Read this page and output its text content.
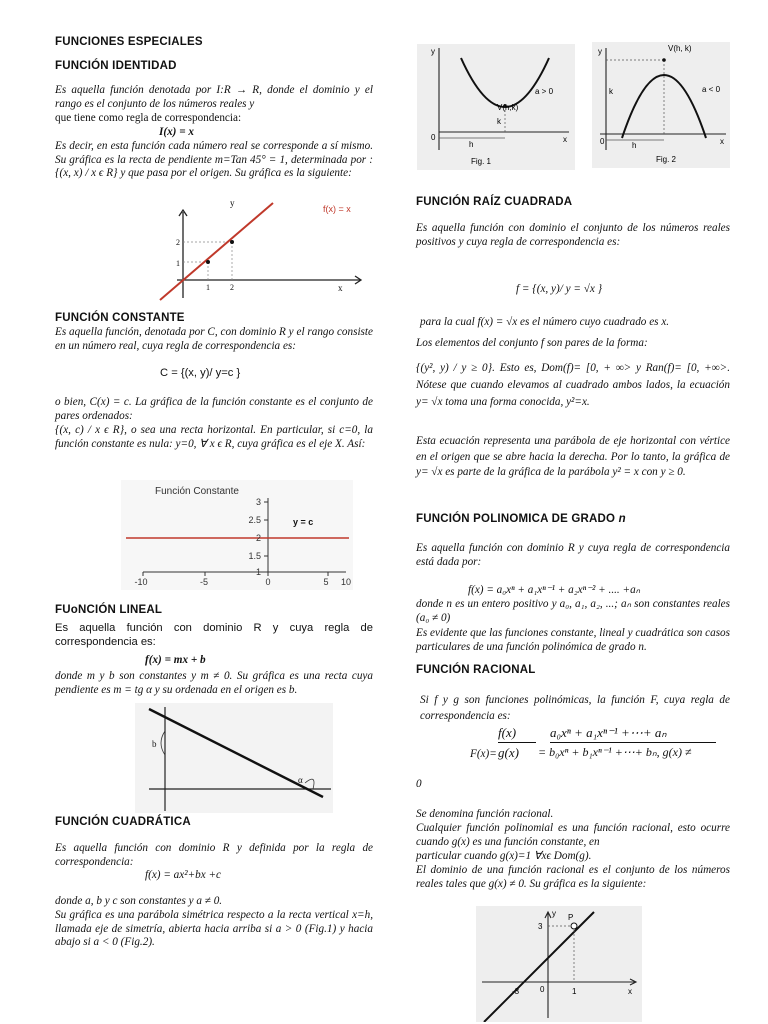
FUNCIONES ESPECIALES
FUNCIÓN IDENTIDAD
Es aquella función denotada por I:R → R, donde el dominio y el rango es el conjunto de los números reales y
que tiene como regla de correspondencia:
I(x) = x
Es decir, en esta función cada número real se corresponde a sí mismo. Su gráfica es la recta de pendiente m=Tan 45° = 1, determinada por : {(x, x) / x ϵ R} y que pasa por el origen. Su gráfica es la siguiente:
y
x
f(x) = x
1
2
1	2
FUNCIÓN CONSTANTE
Es aquella función, denotada por C, con dominio R y el rango consiste en un número real, cuya regla de correspondencia es:
C = {(x, y)/ y=c }
o bien, C(x) = c. La gráfica de la función constante es el conjunto de pares ordenados:
{(x, c) / x ϵ R}, o sea una recta horizontal. En particular, si c=0, la función constante es nula: y=0, ∀ x ϵ R, cuya gráfica es el eje X. Así:
Función Constante
y = c
3
2.5
2
1.5
1
-10	-5	0	5 10
FUoNCIÓN LINEAL
Es aquella función con dominio R y cuya regla de correspondencia es:
f(x) = mx + b
donde m y b son constantes y m ≠ 0. Su gráfica es una recta cuya pendiente es m = tg α y su ordenada en el origen es b.
b
α
FUNCIÓN CUADRÁTICA
Es aquella función con dominio R y definida por la regla de correspondencia:
f(x) = ax²+bx +c
donde a, b y c son constantes y a ≠ 0.
Su gráfica es una parábola simétrica respecto a la recta vertical x=h, llamada eje de simetría, abierta hacia arriba si a > 0 (Fig.1) y hacia abajo si a < 0 (Fig.2).
V(h,k)
a > 0
k
h
0	x
y
Fig. 1
V(h, k)
a < 0
k
h
0	x
y
Fig. 2
FUNCIÓN RAÍZ CUADRADA
Es aquella función con dominio el conjunto de los números reales positivos y cuya regla de correspondencia es:
f = {(x, y)/ y = √x }
para la cual f(x) = √x es el número cuyo cuadrado es x.
Los elementos del conjunto f son pares de la forma:
{(y², y) / y ≥ 0}. Esto es, Dom(f)= [0, + ∞> y Ran(f)= [0, +∞>. Nótese que cuando elevamos al cuadrado ambos lados, la ecuación y= √x toma una forma conocida, y²=x.
Esta ecuación representa una parábola de eje horizontal con vértice en el origen que se abre hacia la derecha. Por lo tanto, la gráfica de y= √x es parte de la gráfica de la parábola y² = x con y ≥ 0.
FUNCIÓN POLINOMICA DE GRADO n
Es aquella función con dominio R y cuya regla de correspondencia está dada por:
f(x) = a₀xⁿ + a₁xⁿ⁻¹ + a₂xⁿ⁻² + .... +aₙ
donde n es un entero positivo y a₀, a₁, a₂, ...; aₙ son constantes reales (a₀ ≠ 0)
Es evidente que las funciones constante, lineal y cuadrática son casos particulares de una función polinómica de grado n.
FUNCIÓN RACIONAL
Si f y g son funciones polinómicas, la función F, cuya regla de correspondencia es:
f(x)	a₀xⁿ + a₁xⁿ⁻¹ +⋯+ aₙ
F(x)= g(x) = b₀xⁿ + b₁xⁿ⁻¹ +⋯+ bₙ, g(x) ≠
0
Se denomina función racional.
Cualquier función polinomial es una función racional, esto ocurre cuando g(x) es una función constante, en
particular cuando g(x)=1 ∀xϵ Dom(g).
El dominio de una función racional es el conjunto de los números reales tales que g(x) ≠ 0. Su gráfica es la siguiente:
y
x
P
3
-3	1
0
